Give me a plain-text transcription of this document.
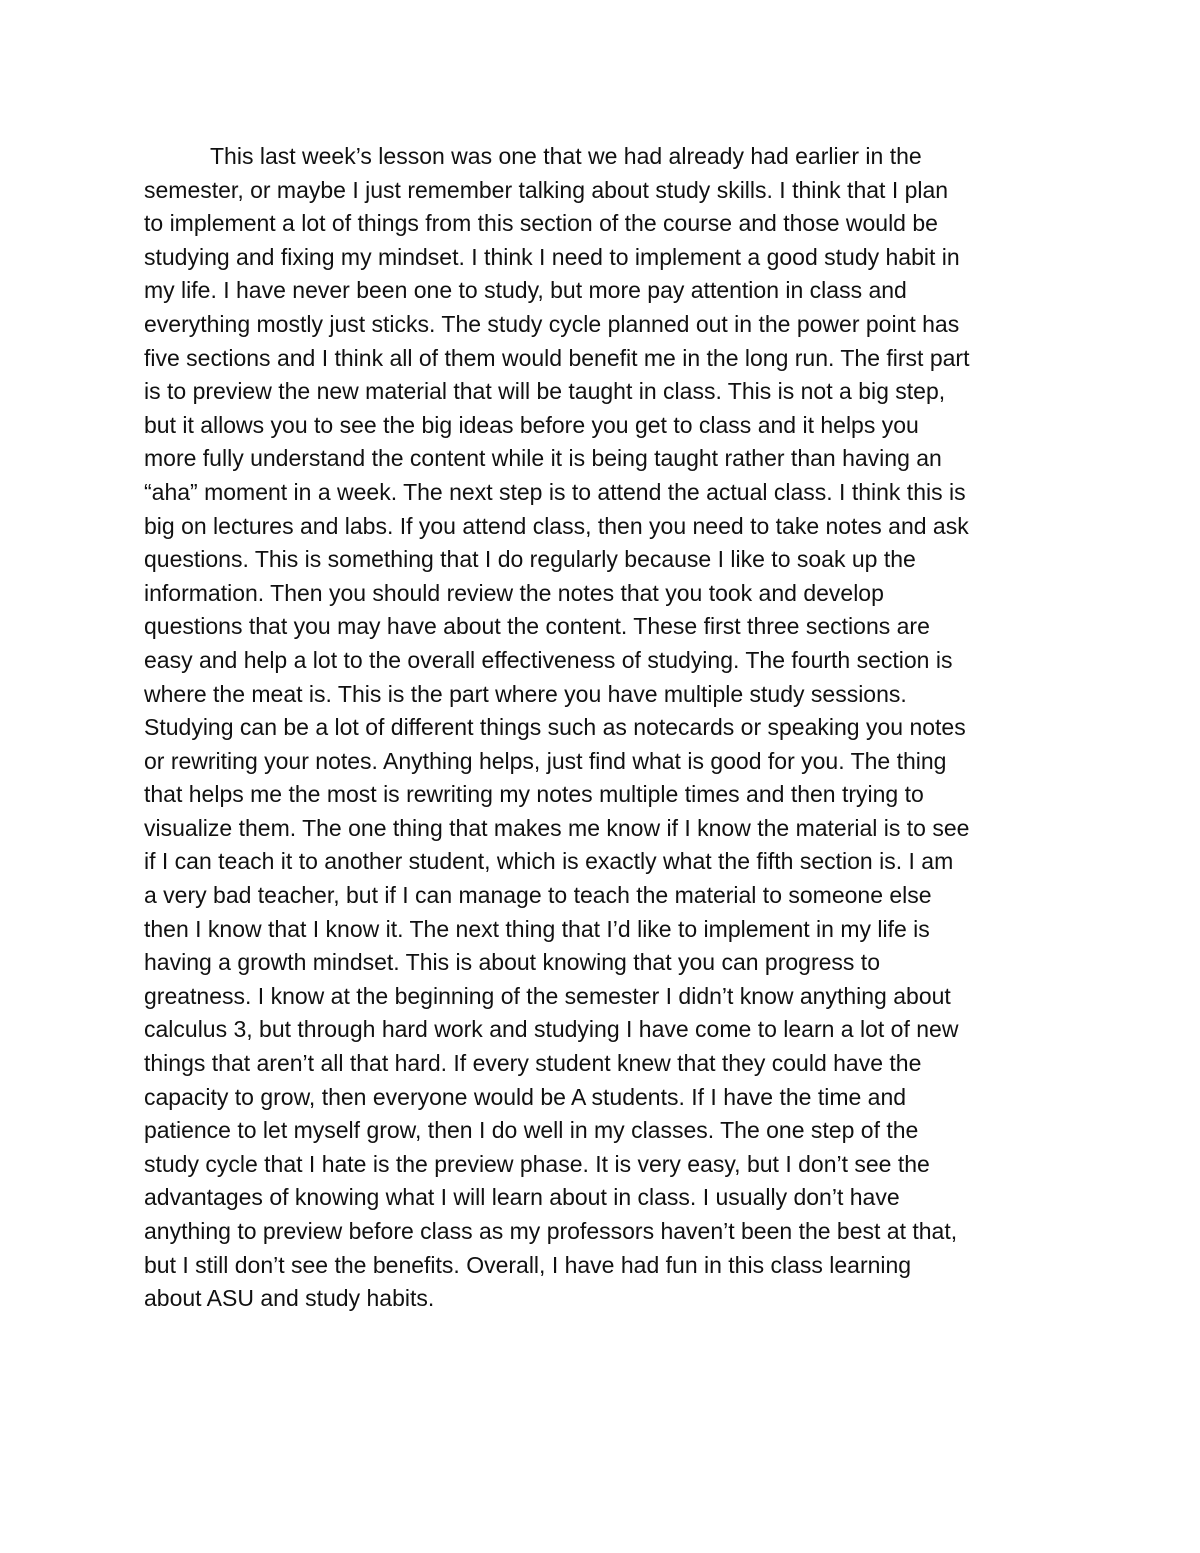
This last week’s lesson was one that we had already had earlier in the
semester, or maybe I just remember talking about study skills. I think that I plan
to implement a lot of things from this section of the course and those would be
studying and fixing my mindset. I think I need to implement a good study habit in
my life. I have never been one to study, but more pay attention in class and
everything mostly just sticks. The study cycle planned out in the power point has
five sections and I think all of them would benefit me in the long run. The first part
is to preview the new material that will be taught in class. This is not a big step,
but it allows you to see the big ideas before you get to class and it helps you
more fully understand the content while it is being taught rather than having an
“aha” moment in a week. The next step is to attend the actual class. I think this is
big on lectures and labs. If you attend class, then you need to take notes and ask
questions. This is something that I do regularly because I like to soak up the
information. Then you should review the notes that you took and develop
questions that you may have about the content. These first three sections are
easy and help a lot to the overall effectiveness of studying. The fourth section is
where the meat is. This is the part where you have multiple study sessions.
Studying can be a lot of different things such as notecards or speaking you notes
or rewriting your notes. Anything helps, just find what is good for you. The thing
that helps me the most is rewriting my notes multiple times and then trying to
visualize them. The one thing that makes me know if I know the material is to see
if I can teach it to another student, which is exactly what the fifth section is. I am
a very bad teacher, but if I can manage to teach the material to someone else
then I know that I know it. The next thing that I’d like to implement in my life is
having a growth mindset. This is about knowing that you can progress to
greatness. I know at the beginning of the semester I didn’t know anything about
calculus 3, but through hard work and studying I have come to learn a lot of new
things that aren’t all that hard. If every student knew that they could have the
capacity to grow, then everyone would be A students. If I have the time and
patience to let myself grow, then I do well in my classes. The one step of the
study cycle that I hate is the preview phase. It is very easy, but I don’t see the
advantages of knowing what I will learn about in class. I usually don’t have
anything to preview before class as my professors haven’t been the best at that,
but I still don’t see the benefits. Overall, I have had fun in this class learning
about ASU and study habits.
